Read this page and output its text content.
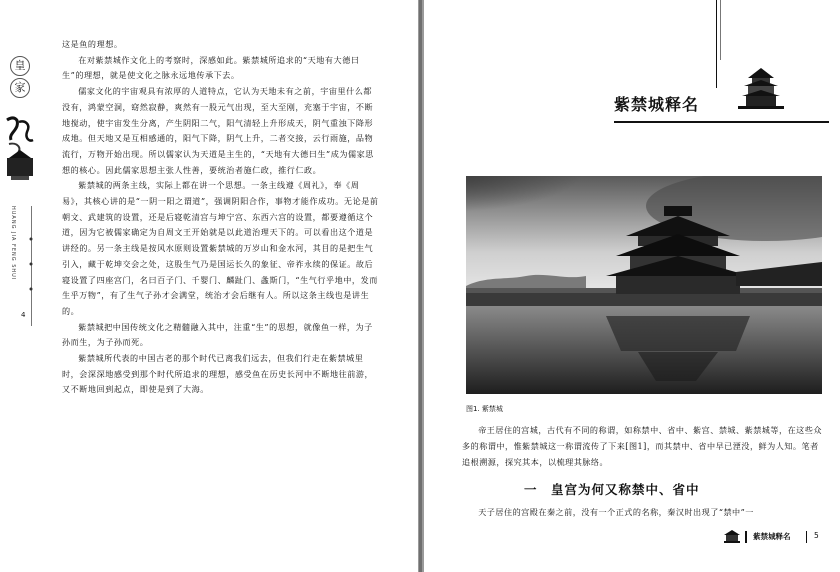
皇
家
HUANG JIA FENG SHUI
4

这是鱼的理想。

在对紫禁城作文化上的考察时，深感如此。紫禁城所追求的“天地有大德曰生”的理想，就是使文化之脉永远地传承下去。

儒家文化的宇宙观具有浓厚的人道特点，它认为天地未有之前，宇宙里什么都没有，鸿蒙空洞，窈然寂静，爽然有一股元气出现，至大至刚，充塞于宇宙，不断地搅动，使宇宙发生分离，产生阴阳二气，阳气清轻上升形成天，阴气重浊下降形成地。但天地又是互相感通的，阳气下降，阴气上升，二者交接，云行雨施，品物流行，万物开始出现。所以儒家认为天道是主生的，“天地有大德曰生”成为儒家思想的核心。因此儒家思想主张人性善，要统治者施仁政，推行仁政。

紫禁城的两条主线，实际上都在讲一个思想。一条主线遵《周礼》，奉《周易》，其核心讲的是“一阴一阳之谓道”，强调阴阳合作，事物才能作成功。无论是前朝文、武建筑的设置，还是后寝乾清宫与坤宁宫、东西六宫的设置，都要遵循这个道，因为它被儒家确定为自周文王开始就是以此道治理天下的。可以看出这个道是讲经的。另一条主线是按风水原则设置紫禁城的万岁山和金水河，其目的是把生气引入，藏于乾坤交会之处，这股生气乃是国运长久的象征、帝祚永续的保证。故后寝设置了四座宫门，名曰百子门、千婴门、麟趾门、螽斯门，“生气行乎地中，发而生乎万物”，有了生气子孙才会满堂，统治才会后继有人。所以这条主线也是讲生的。

紫禁城把中国传统文化之精髓融入其中，注重“生”的思想，就像鱼一样，为子孙而生，为子孙而死。

紫禁城所代表的中国古老的那个时代已离我们远去，但我们行走在紫禁城里时，会深深地感受到那个时代所追求的理想，感受鱼在历史长河中不断地往前游，又不断地回到起点，即使是到了大海。

紫禁城释名
图1. 紫禁城

帝王居住的宫城，古代有不同的称谓，如称禁中、省中、紫宫、禁城、紫禁城等，在这些众多的称谓中，惟紫禁城这一称谓流传了下来[图1]，而其禁中、省中早已湮没，鲜为人知。笔者追根溯源，探究其本，以梳理其脉络。

一　皇宫为何又称禁中、省中

天子居住的宫殿在秦之前，没有一个正式的名称，秦汉时出现了“禁中”一

紫禁城释名	5
